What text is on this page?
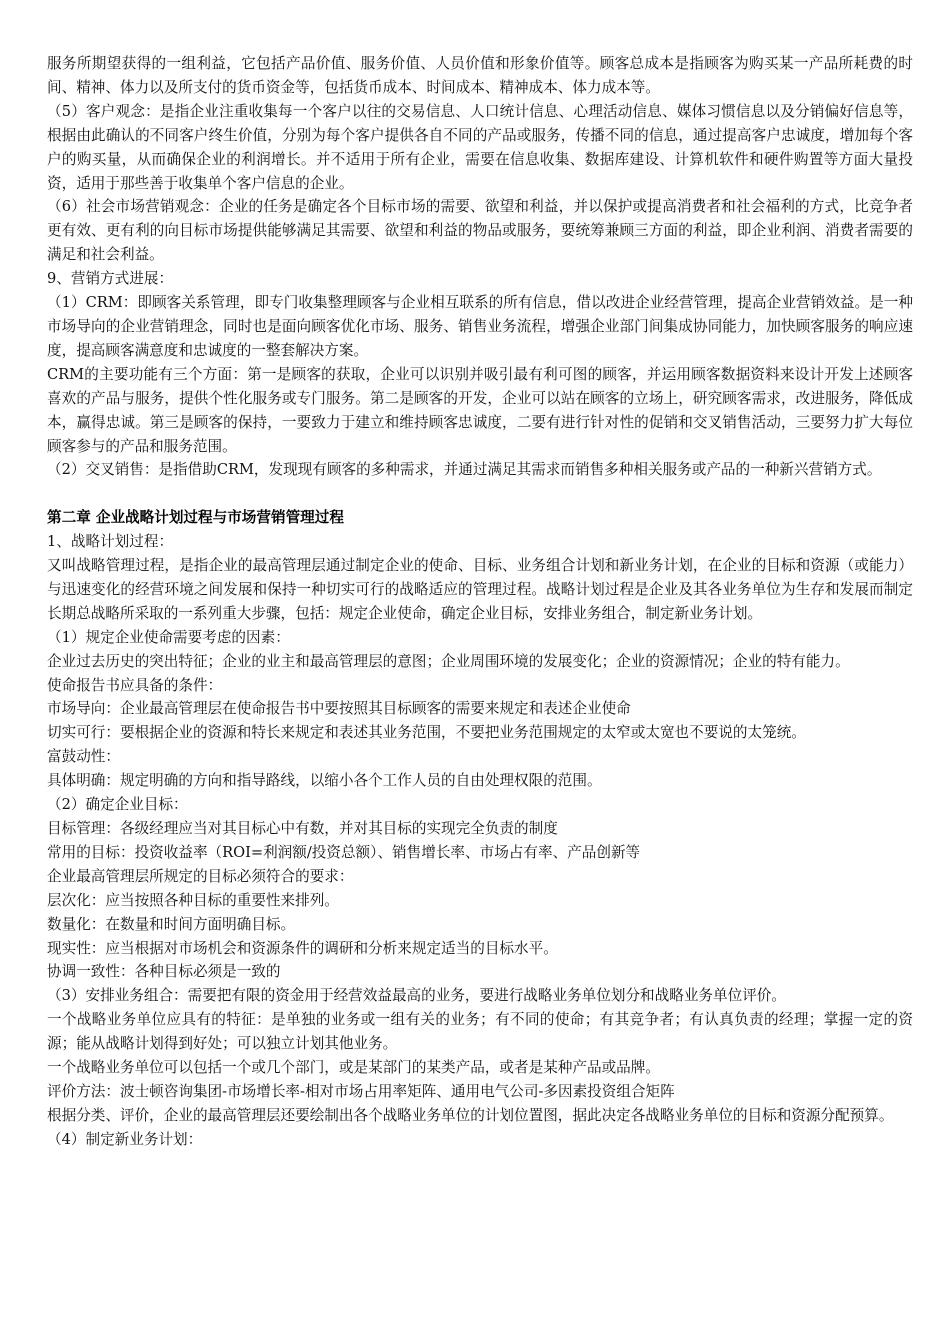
服务所期望获得的一组利益，它包括产品价值、服务价值、人员价值和形象价值等。顾客总成本是指顾客为购买某一产品所耗费的时间、精神、体力以及所支付的货币资金等，包括货币成本、时间成本、精神成本、体力成本等。

（5）客户观念：是指企业注重收集每一个客户以往的交易信息、人口统计信息、心理活动信息、媒体习惯信息以及分销偏好信息等，根据由此确认的不同客户终生价值，分别为每个客户提供各自不同的产品或服务，传播不同的信息，通过提高客户忠诚度，增加每个客户的购买量，从而确保企业的利润增长。并不适用于所有企业，需要在信息收集、数据库建设、计算机软件和硬件购置等方面大量投资，适用于那些善于收集单个客户信息的企业。

（6）社会市场营销观念：企业的任务是确定各个目标市场的需要、欲望和利益，并以保护或提高消费者和社会福利的方式，比竞争者更有效、更有利的向目标市场提供能够满足其需要、欲望和利益的物品或服务，要统筹兼顾三方面的利益，即企业利润、消费者需要的满足和社会利益。

9、营销方式进展：

（1）CRM：即顾客关系管理，即专门收集整理顾客与企业相互联系的所有信息，借以改进企业经营管理，提高企业营销效益。是一种市场导向的企业营销理念，同时也是面向顾客优化市场、服务、销售业务流程，增强企业部门间集成协同能力，加快顾客服务的响应速度，提高顾客满意度和忠诚度的一整套解决方案。

CRM的主要功能有三个方面：第一是顾客的获取，企业可以识别并吸引最有利可图的顾客，并运用顾客数据资料来设计开发上述顾客喜欢的产品与服务，提供个性化服务或专门服务。第二是顾客的开发，企业可以站在顾客的立场上，研究顾客需求，改进服务，降低成本，赢得忠诚。第三是顾客的保持，一要致力于建立和维持顾客忠诚度，二要有进行针对性的促销和交叉销售活动，三要努力扩大每位顾客参与的产品和服务范围。

（2）交叉销售：是指借助CRM，发现现有顾客的多种需求，并通过满足其需求而销售多种相关服务或产品的一种新兴营销方式。

第二章 企业战略计划过程与市场营销管理过程

1、战略计划过程：

又叫战略管理过程，是指企业的最高管理层通过制定企业的使命、目标、业务组合计划和新业务计划，在企业的目标和资源（或能力）与迅速变化的经营环境之间发展和保持一种切实可行的战略适应的管理过程。战略计划过程是企业及其各业务单位为生存和发展而制定长期总战略所采取的一系列重大步骤，包括：规定企业使命，确定企业目标，安排业务组合，制定新业务计划。

（1）规定企业使命需要考虑的因素：

企业过去历史的突出特征；企业的业主和最高管理层的意图；企业周围环境的发展变化；企业的资源情况；企业的特有能力。

使命报告书应具备的条件：

市场导向：企业最高管理层在使命报告书中要按照其目标顾客的需要来规定和表述企业使命

切实可行：要根据企业的资源和特长来规定和表述其业务范围，不要把业务范围规定的太窄或太宽也不要说的太笼统。

富鼓动性：

具体明确：规定明确的方向和指导路线，以缩小各个工作人员的自由处理权限的范围。

（2）确定企业目标：

目标管理：各级经理应当对其目标心中有数，并对其目标的实现完全负责的制度

常用的目标：投资收益率（ROI=利润额/投资总额）、销售增长率、市场占有率、产品创新等

企业最高管理层所规定的目标必须符合的要求：

层次化：应当按照各种目标的重要性来排列。

数量化：在数量和时间方面明确目标。

现实性：应当根据对市场机会和资源条件的调研和分析来规定适当的目标水平。

协调一致性：各种目标必须是一致的

（3）安排业务组合：需要把有限的资金用于经营效益最高的业务，要进行战略业务单位划分和战略业务单位评价。

一个战略业务单位应具有的特征：是单独的业务或一组有关的业务；有不同的使命；有其竞争者；有认真负责的经理；掌握一定的资源；能从战略计划得到好处；可以独立计划其他业务。

一个战略业务单位可以包括一个或几个部门，或是某部门的某类产品，或者是某种产品或品牌。

评价方法：波士顿咨询集团-市场增长率-相对市场占用率矩阵、通用电气公司-多因素投资组合矩阵

根据分类、评价，企业的最高管理层还要绘制出各个战略业务单位的计划位置图，据此决定各战略业务单位的目标和资源分配预算。

（4）制定新业务计划：
